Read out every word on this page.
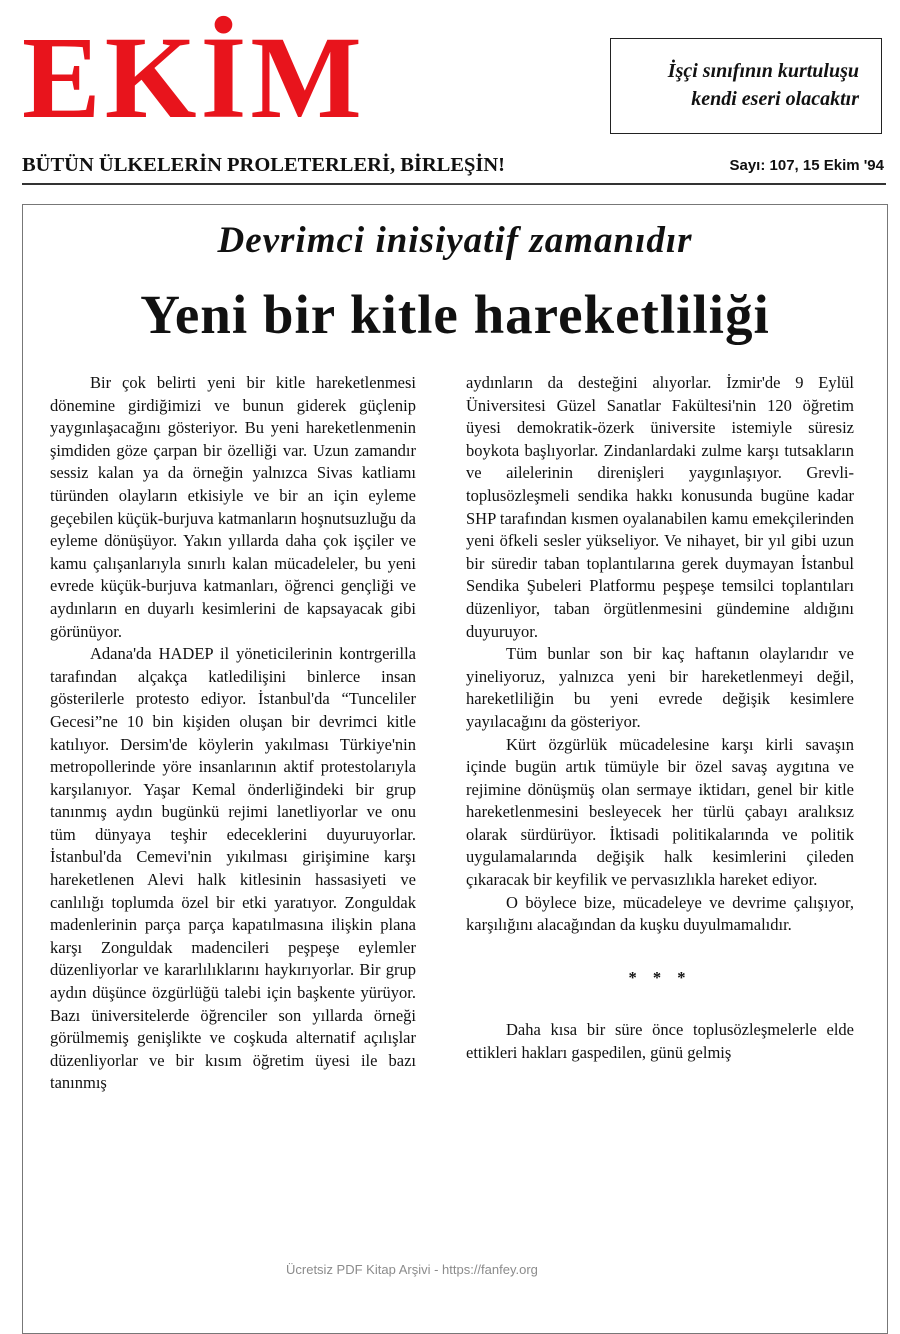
EKİM	İşçi sınıfının kurtuluşu
kendi eseri olacaktır
BÜTÜN ÜLKELERİN PROLETERLERİ, BİRLEŞİN!	Sayı: 107, 15 Ekim '94
Devrimci inisiyatif zamanıdır
Yeni bir kitle hareketliliği

Bir çok belirti yeni bir kitle hareketlenmesi dönemine girdiğimizi ve bunun giderek güçlenip yaygınlaşacağını gösteriyor. Bu yeni hareketlenmenin şimdiden göze çarpan bir özelliği var. Uzun zamandır sessiz kalan ya da örneğin yalnızca Sivas katliamı türünden olayların etkisiyle ve bir an için eyleme geçebilen küçük-burjuva katmanların hoşnutsuzluğu da eyleme dönüşüyor. Yakın yıllarda daha çok işçiler ve kamu çalışanlarıyla sınırlı kalan mücadeleler, bu yeni evrede küçük-burjuva katmanları, öğrenci gençliği ve aydınların en duyarlı kesimlerini de kapsayacak gibi görünüyor.

Adana'da HADEP il yöneticilerinin kontrgerilla tarafından alçakça katledilişini binlerce insan gösterilerle protesto ediyor. İstanbul'da “Tunceliler Gecesi”ne 10 bin kişiden oluşan bir devrimci kitle katılıyor. Dersim'de köylerin yakılması Türkiye'nin metropollerinde yöre insanlarının aktif protestolarıyla karşılanıyor. Yaşar Kemal önderliğindeki bir grup tanınmış aydın bugünkü rejimi lanetliyorlar ve onu tüm dünyaya teşhir edeceklerini duyuruyorlar. İstanbul'da Cemevi'nin yıkılması girişimine karşı hareketlenen Alevi halk kitlesinin hassasiyeti ve canlılığı toplumda özel bir etki yaratıyor. Zonguldak madenlerinin parça parça kapatılmasına ilişkin plana karşı Zonguldak madencileri peşpeşe eylemler düzenliyorlar ve kararlılıklarını haykırıyorlar. Bir grup aydın düşünce özgürlüğü talebi için başkente yürüyor. Bazı üniversitelerde öğrenciler son yıllarda örneği görülmemiş genişlikte ve coşkuda alternatif açılışlar düzenliyorlar ve bir kısım öğretim üyesi ile bazı tanınmış

aydınların da desteğini alıyorlar. İzmir'de 9 Eylül Üniversitesi Güzel Sanatlar Fakültesi'nin 120 öğretim üyesi demokratik-özerk üniversite istemiyle süresiz boykota başlıyorlar. Zindanlardaki zulme karşı tutsakların ve ailelerinin direnişleri yaygınlaşıyor. Grevli-toplusözleşmeli sendika hakkı konusunda bugüne kadar SHP tarafından kısmen oyalanabilen kamu emekçilerinden yeni öfkeli sesler yükseliyor. Ve nihayet, bir yıl gibi uzun bir süredir taban toplantılarına gerek duymayan İstanbul Sendika Şubeleri Platformu peşpeşe temsilci toplantıları düzenliyor, taban örgütlenmesini gündemine aldığını duyuruyor.

Tüm bunlar son bir kaç haftanın olaylarıdır ve yineliyoruz, yalnızca yeni bir hareketlenmeyi değil, hareketliliğin bu yeni evrede değişik kesimlere yayılacağını da gösteriyor.

Kürt özgürlük mücadelesine karşı kirli savaşın içinde bugün artık tümüyle bir özel savaş aygıtına ve rejimine dönüşmüş olan sermaye iktidarı, genel bir kitle hareketlenmesini besleyecek her türlü çabayı aralıksız olarak sürdürüyor. İktisadi politikalarında ve politik uygulamalarında değişik halk kesimlerini çileden çıkaracak bir keyfilik ve pervasızlıkla hareket ediyor.

O böylece bize, mücadeleye ve devrime çalışıyor, karşılığını alacağından da kuşku duyulmamalıdır.

* * *

Daha kısa bir süre önce toplusözleşmelerle elde ettikleri hakları gaspedilen, günü gelmiş

Ücretsiz PDF Kitap Arşivi - https://fanfey.org
